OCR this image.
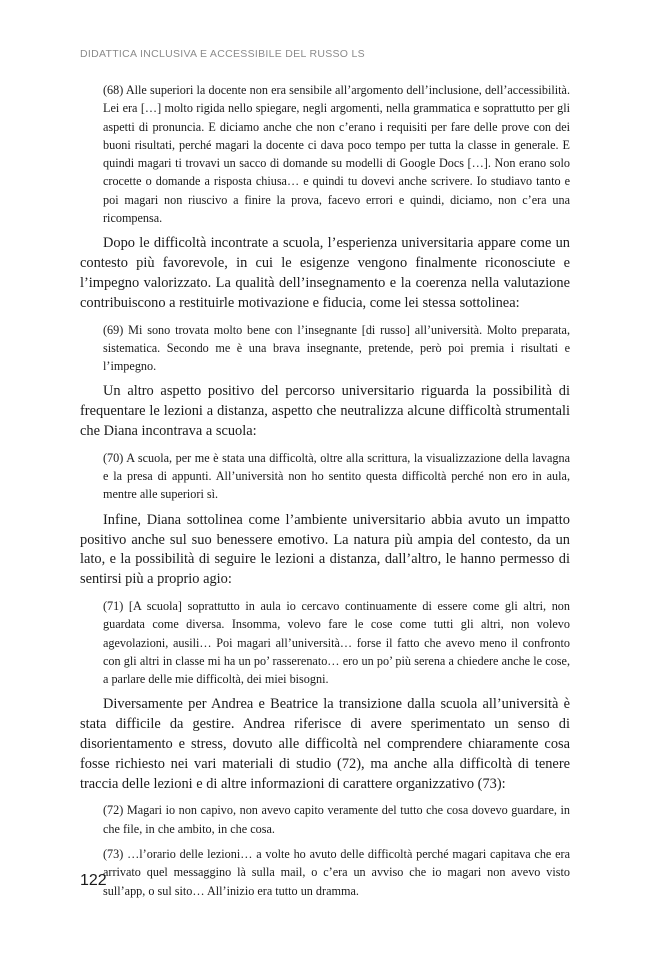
DIDATTICA INCLUSIVA E ACCESSIBILE DEL RUSSO LS

(68) Alle superiori la docente non era sensibile all’argomento dell’inclusione, dell’accessibilità. Lei era […] molto rigida nello spiegare, negli argomenti, nella grammatica e soprattutto per gli aspetti di pronuncia. E diciamo anche che non c’erano i requisiti per fare delle prove con dei buoni risultati, perché magari la docente ci dava poco tempo per tutta la classe in generale. E quindi magari ti trovavi un sacco di domande su modelli di Google Docs […]. Non erano solo crocette o domande a risposta chiusa… e quindi tu dovevi anche scrivere. Io studiavo tanto e poi magari non riuscivo a finire la prova, facevo errori e quindi, diciamo, non c’era una ricompensa.

Dopo le difficoltà incontrate a scuola, l’esperienza universitaria appare come un contesto più favorevole, in cui le esigenze vengono finalmente riconosciute e l’impegno valorizzato. La qualità dell’insegnamento e la coerenza nella valutazione contribuiscono a restituirle motivazione e fiducia, come lei stessa sottolinea:

(69) Mi sono trovata molto bene con l’insegnante [di russo] all’università. Molto preparata, sistematica. Secondo me è una brava insegnante, pretende, però poi premia i risultati e l’impegno.

Un altro aspetto positivo del percorso universitario riguarda la possibilità di frequentare le lezioni a distanza, aspetto che neutralizza alcune difficoltà strumentali che Diana incontrava a scuola:

(70) A scuola, per me è stata una difficoltà, oltre alla scrittura, la visualizzazione della lavagna e la presa di appunti. All’università non ho sentito questa difficoltà perché non ero in aula, mentre alle superiori sì.

Infine, Diana sottolinea come l’ambiente universitario abbia avuto un impatto positivo anche sul suo benessere emotivo. La natura più ampia del contesto, da un lato, e la possibilità di seguire le lezioni a distanza, dall’altro, le hanno permesso di sentirsi più a proprio agio:

(71) [A scuola] soprattutto in aula io cercavo continuamente di essere come gli altri, non guardata come diversa. Insomma, volevo fare le cose come tutti gli altri, non volevo agevolazioni, ausili… Poi magari all’università… forse il fatto che avevo meno il confronto con gli altri in classe mi ha un po’ rasserenato… ero un po’ più serena a chiedere anche le cose, a parlare delle mie difficoltà, dei miei bisogni.

Diversamente per Andrea e Beatrice la transizione dalla scuola all’università è stata difficile da gestire. Andrea riferisce di avere sperimentato un senso di disorientamento e stress, dovuto alle difficoltà nel comprendere chiaramente cosa fosse richiesto nei vari materiali di studio (72), ma anche alla difficoltà di tenere traccia delle lezioni e di altre informazioni di carattere organizzativo (73):

(72) Magari io non capivo, non avevo capito veramente del tutto che cosa dovevo guardare, in che file, in che ambito, in che cosa.

(73) …l’orario delle lezioni… a volte ho avuto delle difficoltà perché magari capitava che era arrivato quel messaggino là sulla mail, o c’era un avviso che io magari non avevo visto sull’app, o sul sito… All’inizio era tutto un dramma.

122
